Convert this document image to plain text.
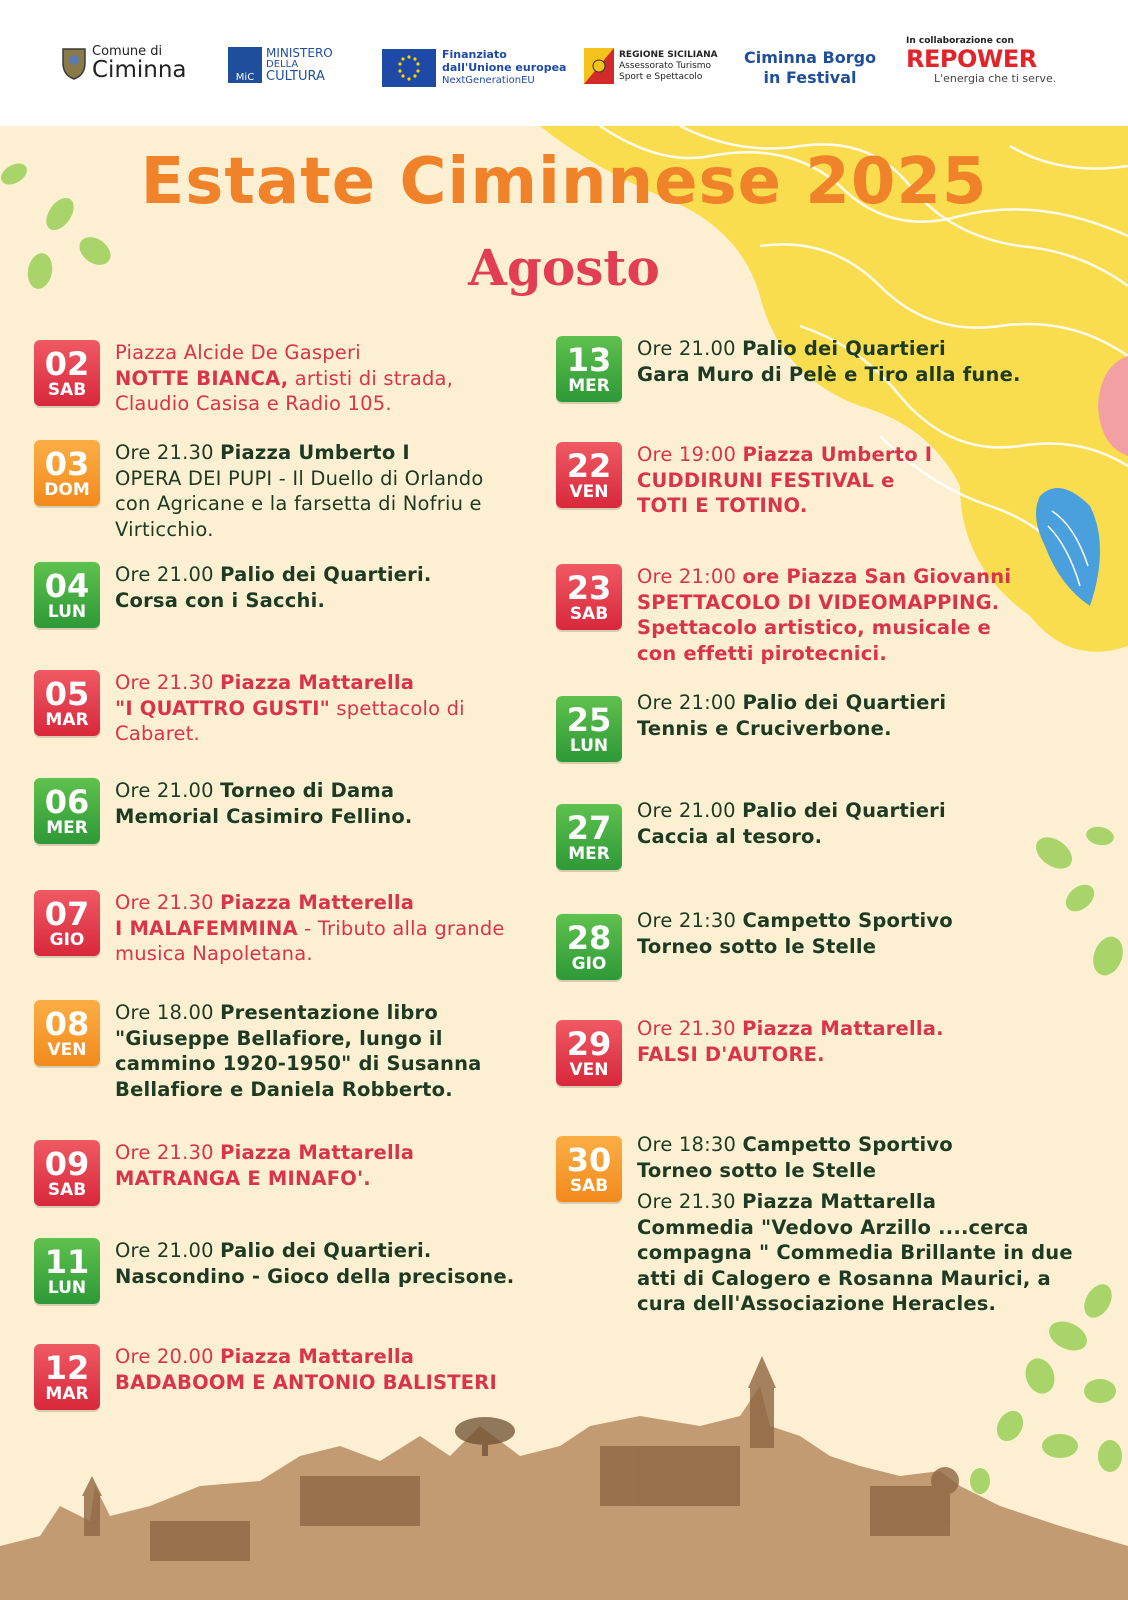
Comune di
Ciminna	MiC
MINISTERO
DELLA
CULTURA
Finanziato
dall'Unione europea
NextGenerationEU
REGIONE SICILIANA
Assessorato Turismo
Sport e Spettacolo
Ciminna Borgo
in Festival
In collaborazione con
REPOWER
L'energia che ti serve.
Estate Ciminnese 2025
Agosto
02
SAB
Piazza Alcide De Gasperi
NOTTE BIANCA, artisti di strada, Claudio Casisa e Radio 105.
03
DOM
Ore 21.30 Piazza Umberto I
OPERA DEI PUPI - Il Duello di Orlando con Agricane e la farsetta di Nofriu e Virticchio.
04
LUN
Ore 21.00 Palio dei Quartieri.
Corsa con i Sacchi.
05
MAR
Ore 21.30 Piazza Mattarella
"I QUATTRO GUSTI" spettacolo di Cabaret.
06
MER
Ore 21.00 Torneo di Dama
Memorial Casimiro Fellino.
07
GIO
Ore 21.30 Piazza Matterella
I MALAFEMMINA - Tributo alla grande musica Napoletana.
08
VEN
Ore 18.00 Presentazione libro
"Giuseppe Bellafiore, lungo il cammino 1920-1950" di Susanna Bellafiore e Daniela Robberto.
09
SAB
Ore 21.30 Piazza Mattarella
MATRANGA E MINAFO'.
11
LUN
Ore 21.00 Palio dei Quartieri.
Nascondino - Gioco della precisone.
12
MAR
Ore 20.00 Piazza Mattarella
BADABOOM E ANTONIO BALISTERI
13
MER
Ore 21.00 Palio dei Quartieri
Gara Muro di Pelè e Tiro alla fune.
22
VEN
Ore 19:00 Piazza Umberto I
CUDDIRUNI FESTIVAL e
TOTI E TOTINO.
23
SAB
Ore 21:00 ore Piazza San Giovanni
SPETTACOLO DI VIDEOMAPPING.
Spettacolo artistico, musicale e con effetti pirotecnici.
25
LUN
Ore 21:00 Palio dei Quartieri
Tennis e Cruciverbone.
27
MER
Ore 21.00 Palio dei Quartieri
Caccia al tesoro.
28
GIO
Ore 21:30 Campetto Sportivo
Torneo sotto le Stelle
29
VEN
Ore 21.30 Piazza Mattarella.
FALSI D'AUTORE.
30
SAB
Ore 18:30 Campetto Sportivo
Torneo sotto le Stelle
Ore 21.30 Piazza Mattarella
Commedia "Vedovo Arzillo ....cerca compagna " Commedia Brillante in due atti di Calogero e Rosanna Maurici, a cura dell'Associazione Heracles.
